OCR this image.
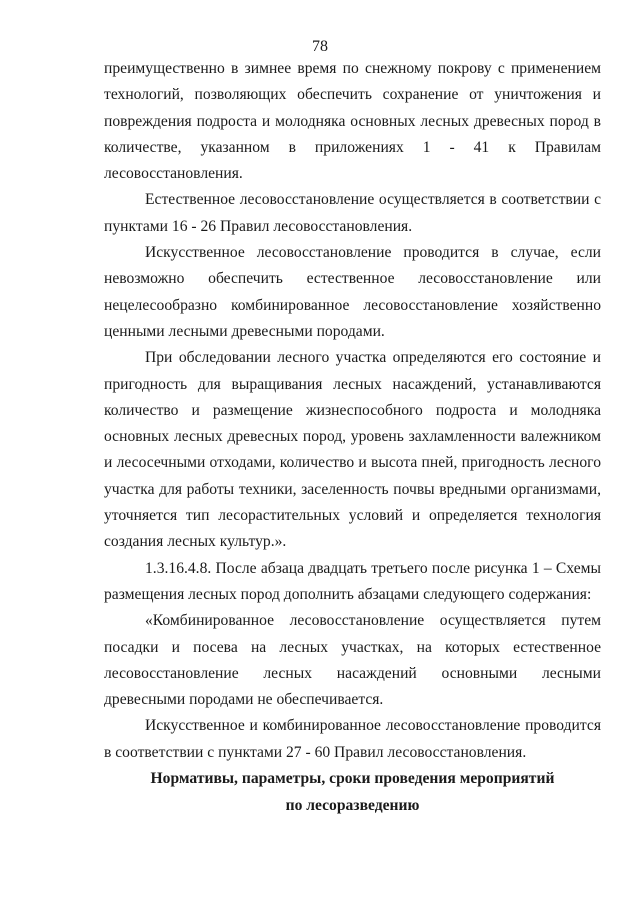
78

преимущественно в зимнее время по снежному покрову с применением технологий, позволяющих обеспечить сохранение от уничтожения и повреждения подроста и молодняка основных лесных древесных пород в количестве, указанном в приложениях 1 - 41 к Правилам лесовосстановления.

Естественное лесовосстановление осуществляется в соответствии с пунктами 16 - 26 Правил лесовосстановления.

Искусственное лесовосстановление проводится в случае, если невозможно обеспечить естественное лесовосстановление или нецелесообразно комбинированное лесовосстановление хозяйственно ценными лесными древесными породами.

При обследовании лесного участка определяются его состояние и пригодность для выращивания лесных насаждений, устанавливаются количество и размещение жизнеспособного подроста и молодняка основных лесных древесных пород, уровень захламленности валежником и лесосечными отходами, количество и высота пней, пригодность лесного участка для работы техники, заселенность почвы вредными организмами, уточняется тип лесорастительных условий и определяется технология создания лесных культур.».

1.3.16.4.8. После абзаца двадцать третьего после рисунка 1 – Схемы размещения лесных пород дополнить абзацами следующего содержания:

«Комбинированное лесовосстановление осуществляется путем посадки и посева на лесных участках, на которых естественное лесовосстановление лесных насаждений основными лесными древесными породами не обеспечивается.

Искусственное и комбинированное лесовосстановление проводится в соответствии с пунктами 27 - 60 Правил лесовосстановления.

Нормативы, параметры, сроки проведения мероприятий
по лесоразведению
